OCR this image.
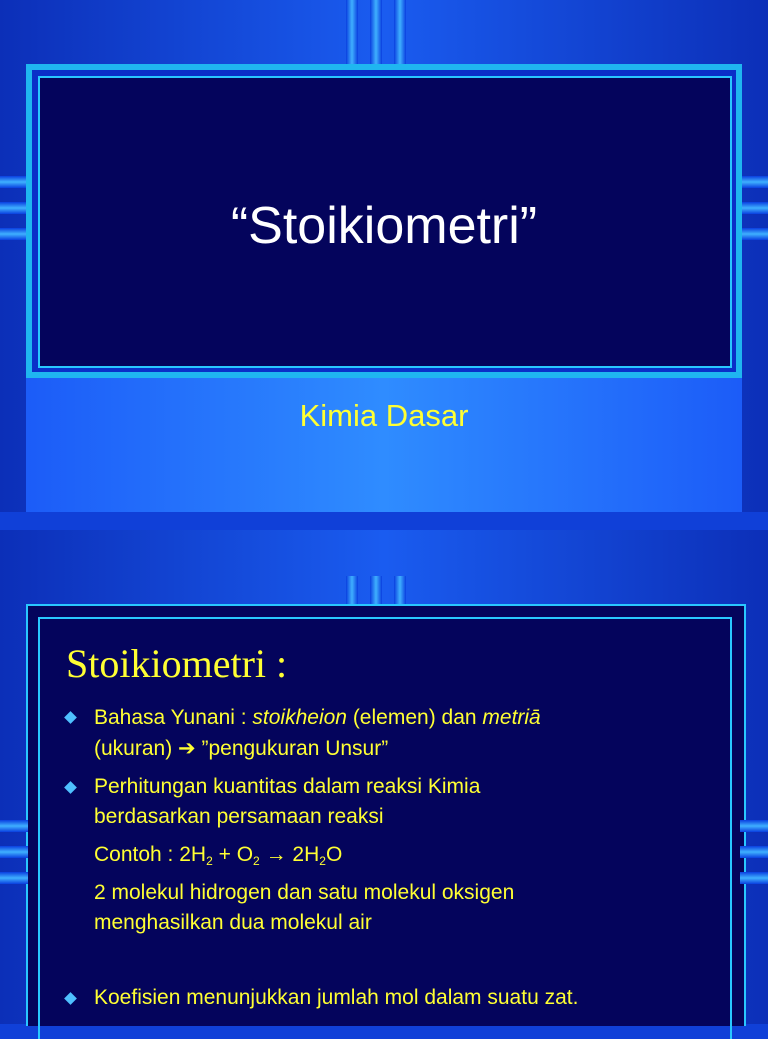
“Stoikiometri”
Kimia Dasar
Stoikiometri :
Bahasa Yunani : stoikheion (elemen) dan metriā
(ukuran) ➔ ”pengukuran Unsur”
Perhitungan kuantitas dalam reaksi Kimia
berdasarkan persamaan reaksi
Contoh : $2H_2 + O_2 \to 2H_2O$
2 molekul hidrogen dan satu molekul oksigen
menghasilkan dua molekul air
Koefisien menunjukkan jumlah mol dalam suatu zat.
